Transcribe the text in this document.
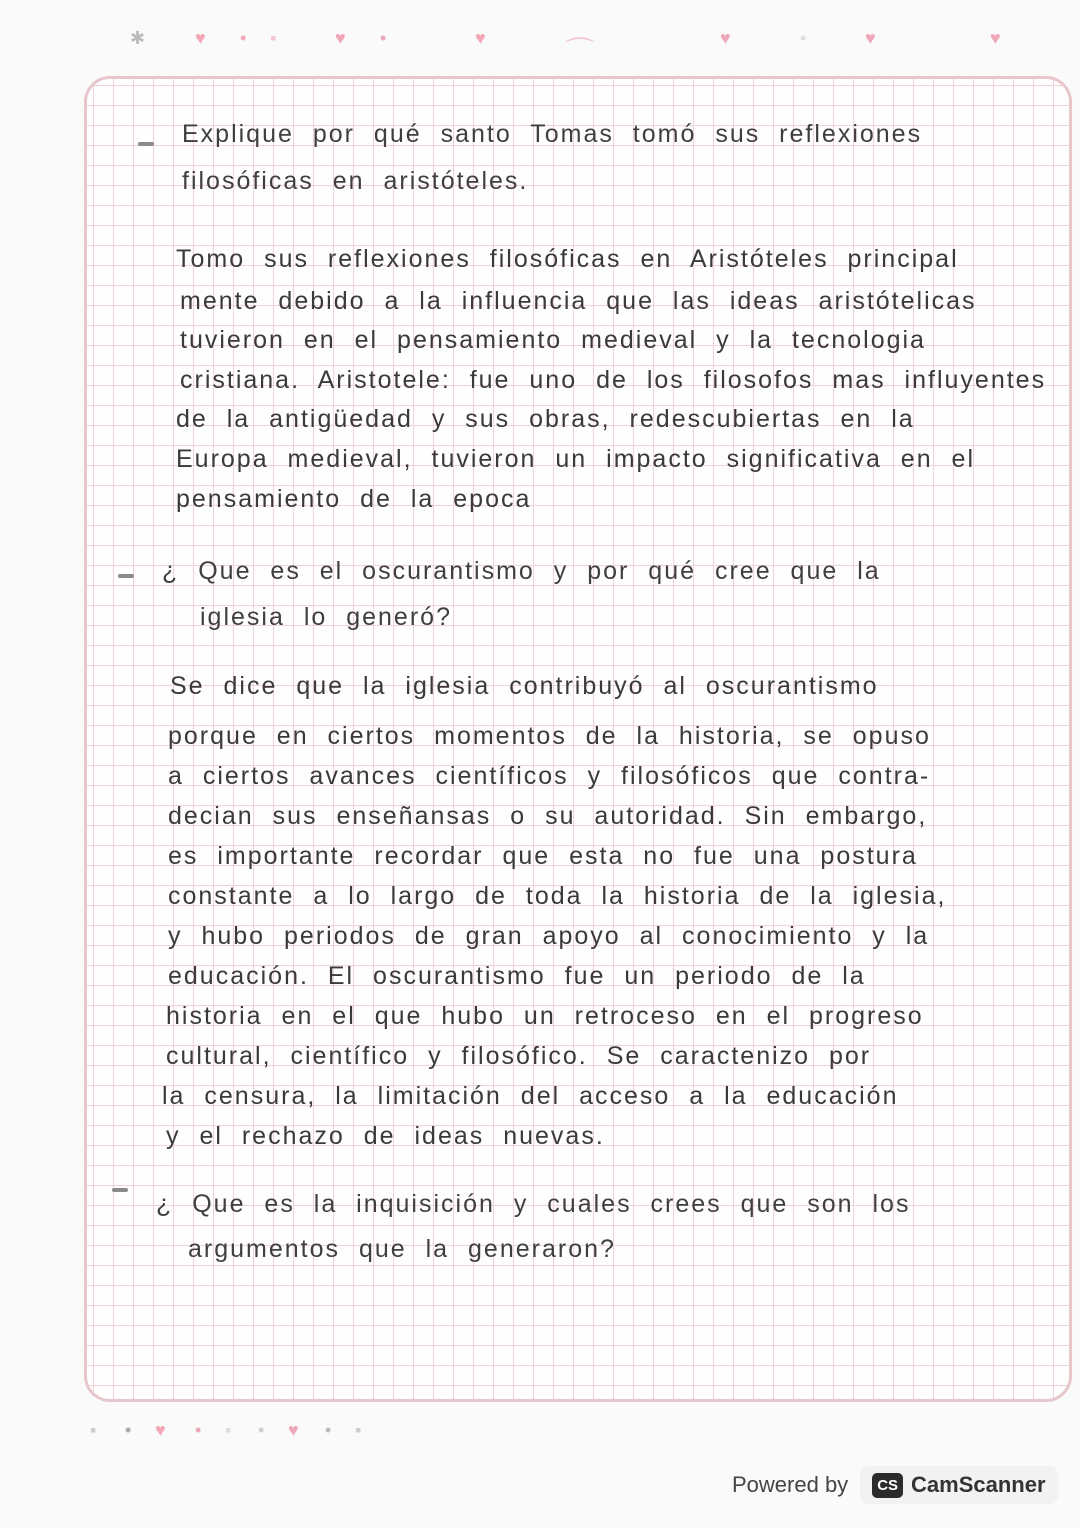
✱	♥ • ▪	♥ •	♥	⌒	♥	•	♥	♥
Explique por qué santo Tomas tomó sus reflexiones
filosóficas en aristóteles.
Tomo sus reflexiones filosóficas en Aristóteles principal
mente debido a la influencia que las ideas aristótelicas
tuvieron en el pensamiento medieval y la tecnologia
cristiana. Aristotele: fue uno de los filosofos mas influyentes
de la antigüedad y sus obras, redescubiertas en la
Europa medieval, tuvieron un impacto significativa en el
pensamiento de la epoca
¿ Que es el oscurantismo y por qué cree que la
iglesia lo generó?
Se dice que la iglesia contribuyó al oscurantismo
porque en ciertos momentos de la historia, se opuso
a ciertos avances científicos y filosóficos que contra-
decian sus enseñansas o su autoridad. Sin embargo,
es importante recordar que esta no fue una postura
constante a lo largo de toda la historia de la iglesia,
y hubo periodos de gran apoyo al conocimiento y la
educación. El oscurantismo fue un periodo de la
historia en el que hubo un retroceso en el progreso
cultural, científico y filosófico. Se caractenizo por
la censura, la limitación del acceso a la educación
y el rechazo de ideas nuevas.
¿ Que es la inquisición y cuales crees que son los
argumentos que la generaron?
▪ • ♥ • ▪ • ♥ • ▪
Powered by	CS CamScanner
